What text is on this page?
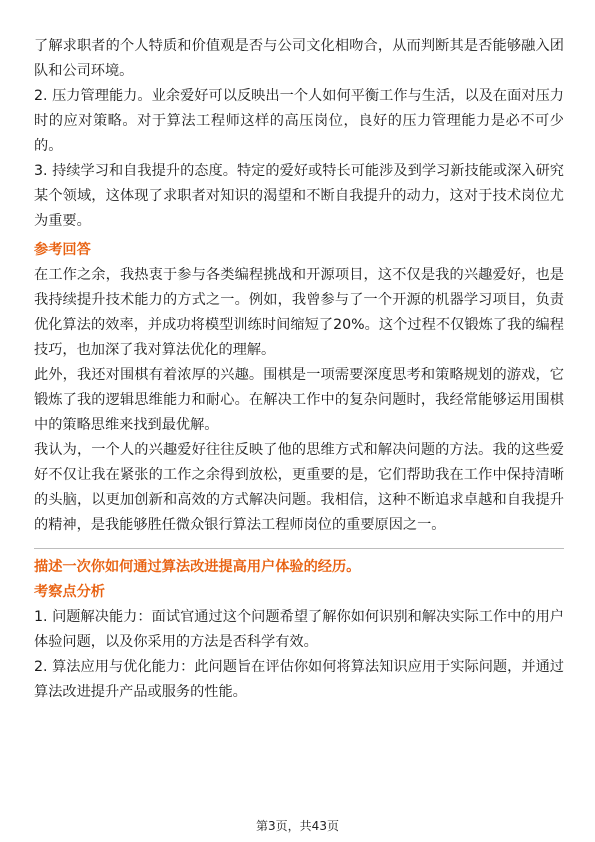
了解求职者的个人特质和价值观是否与公司文化相吻合，从而判断其是否能够融入团队和公司环境。

2. 压力管理能力。业余爱好可以反映出一个人如何平衡工作与生活，以及在面对压力时的应对策略。对于算法工程师这样的高压岗位，良好的压力管理能力是必不可少的。

3. 持续学习和自我提升的态度。特定的爱好或特长可能涉及到学习新技能或深入研究某个领域，这体现了求职者对知识的渴望和不断自我提升的动力，这对于技术岗位尤为重要。

参考回答

在工作之余，我热衷于参与各类编程挑战和开源项目，这不仅是我的兴趣爱好，也是我持续提升技术能力的方式之一。例如，我曾参与了一个开源的机器学习项目，负责优化算法的效率，并成功将模型训练时间缩短了20%。这个过程不仅锻炼了我的编程技巧，也加深了我对算法优化的理解。

此外，我还对围棋有着浓厚的兴趣。围棋是一项需要深度思考和策略规划的游戏，它锻炼了我的逻辑思维能力和耐心。在解决工作中的复杂问题时，我经常能够运用围棋中的策略思维来找到最优解。

我认为，一个人的兴趣爱好往往反映了他的思维方式和解决问题的方法。我的这些爱好不仅让我在紧张的工作之余得到放松，更重要的是，它们帮助我在工作中保持清晰的头脑，以更加创新和高效的方式解决问题。我相信，这种不断追求卓越和自我提升的精神，是我能够胜任微众银行算法工程师岗位的重要原因之一。

描述一次你如何通过算法改进提高用户体验的经历。

考察点分析

1. 问题解决能力：面试官通过这个问题希望了解你如何识别和解决实际工作中的用户体验问题，以及你采用的方法是否科学有效。

2. 算法应用与优化能力：此问题旨在评估你如何将算法知识应用于实际问题，并通过算法改进提升产品或服务的性能。

第3页，共43页
